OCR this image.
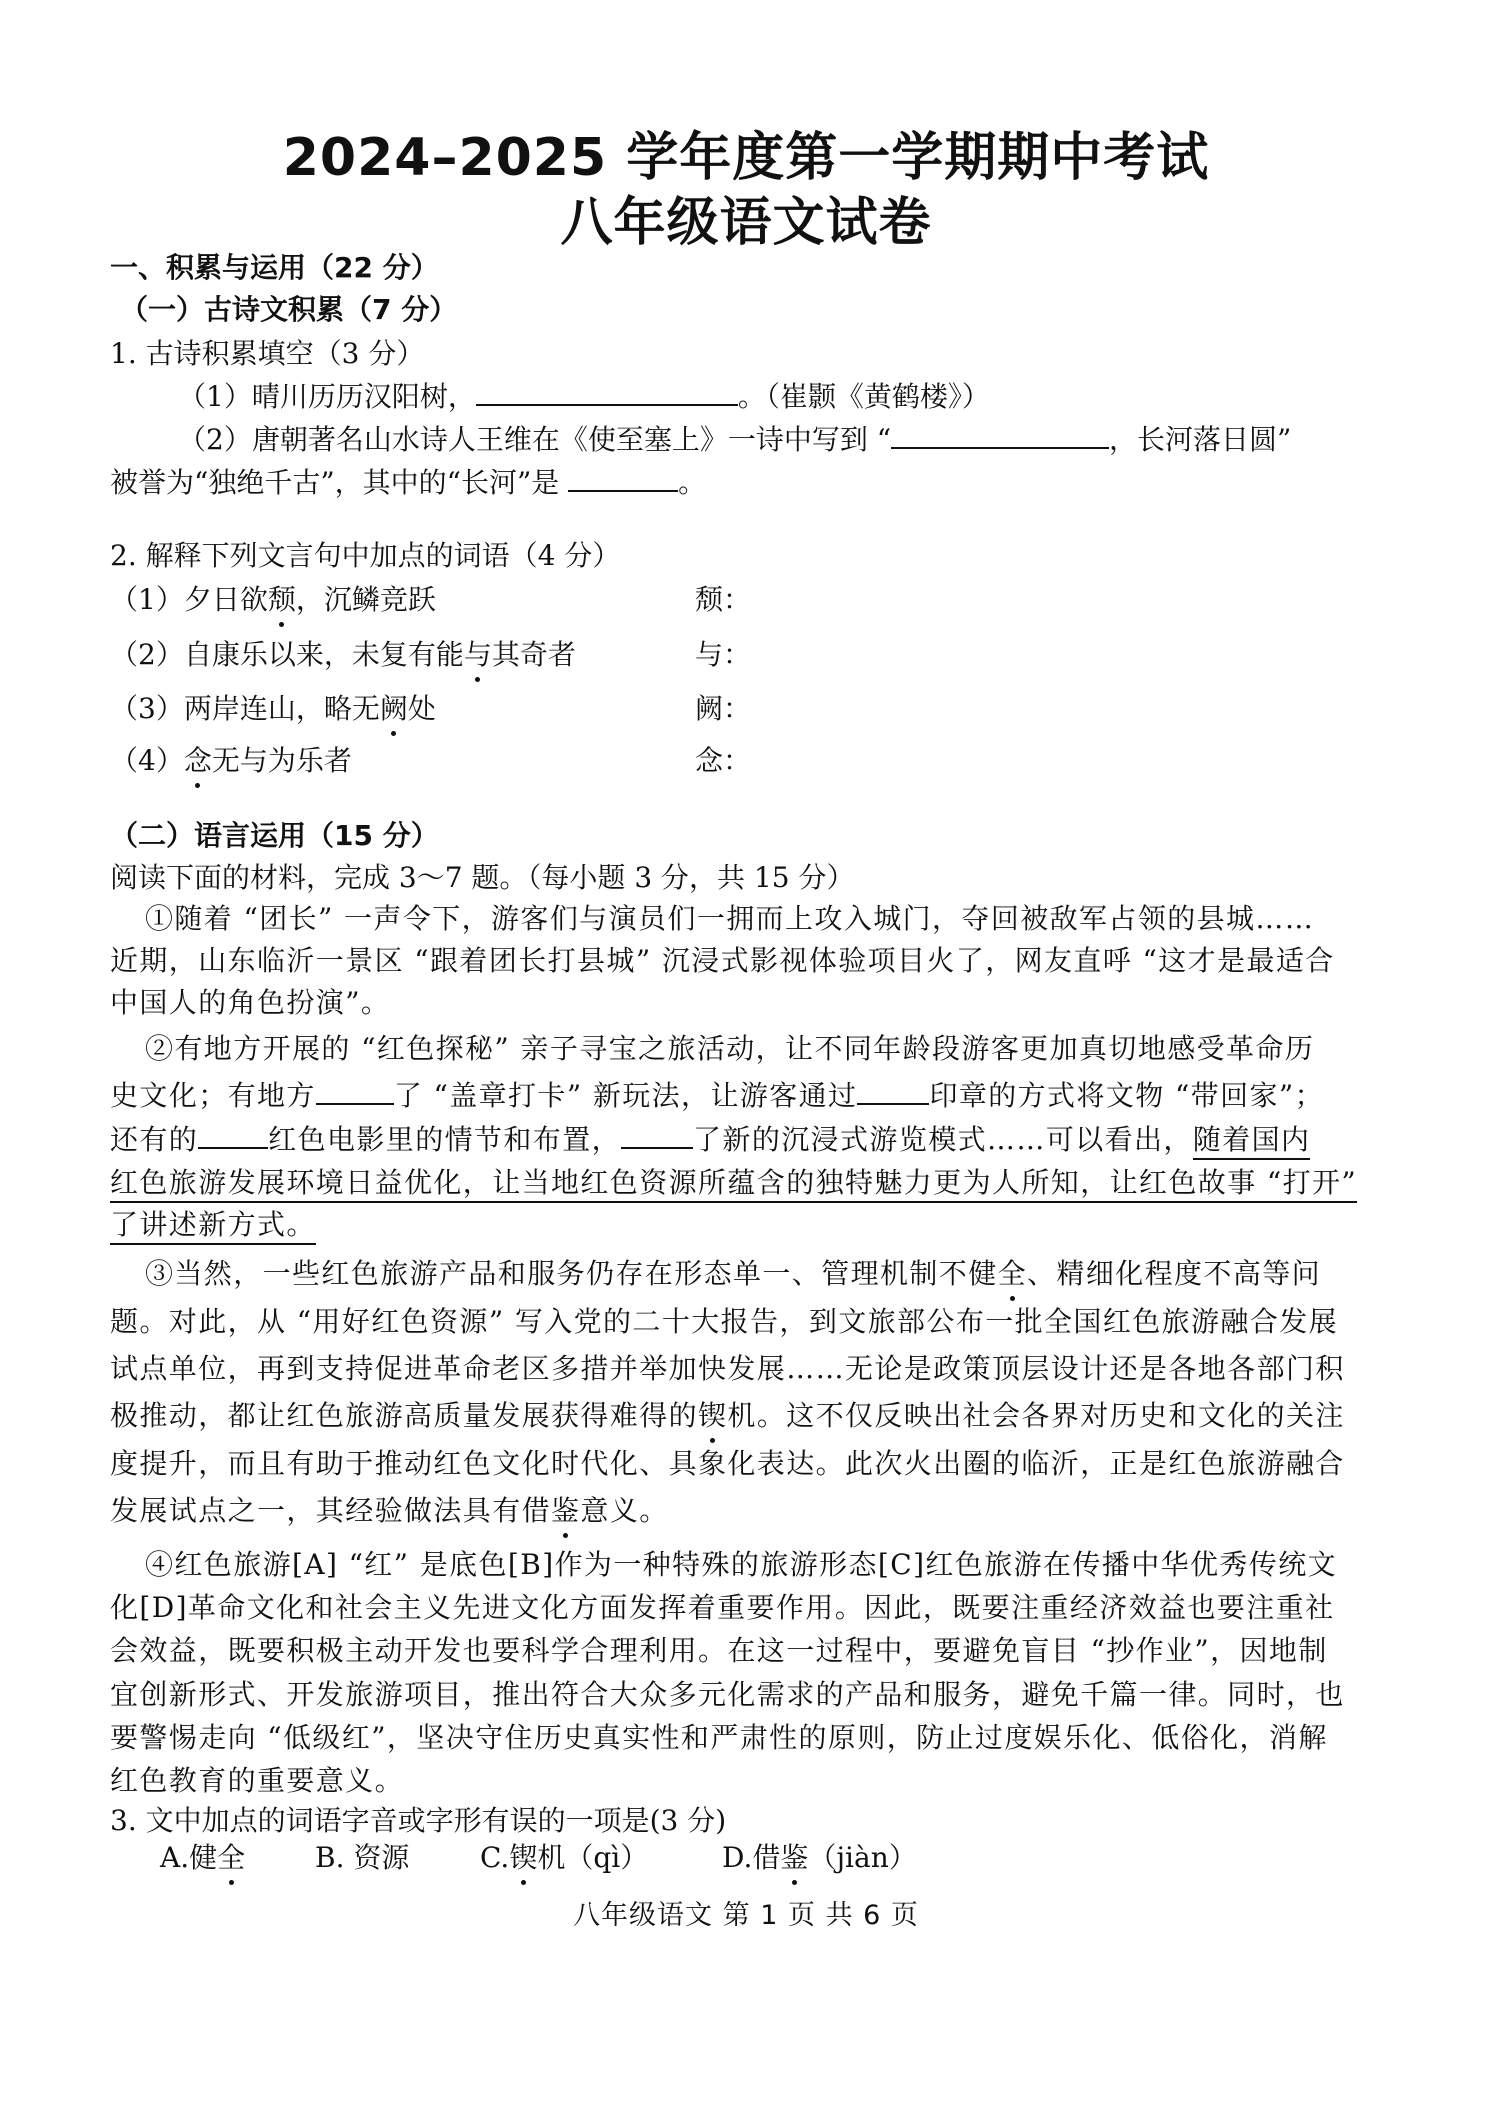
2024–2025 学年度第一学期期中考试
八年级语文试卷
一、积累与运用（22 分）
（一）古诗文积累（7 分）
1. 古诗积累填空（3 分）
（1）晴川历历汉阳树，	。（崔颢《黄鹤楼》）
（2）唐朝著名山水诗人王维在《使至塞上》一诗中写到 “	，长河落日圆”
被誉为“独绝千古”，其中的“长河”是	。
2. 解释下列文言句中加点的词语（4 分）
（1）夕日欲颓，沉鳞竞跃	颓：
（2）自康乐以来，未复有能与其奇者	与：
（3）两岸连山，略无阙处	阙：
（4）念无与为乐者	念：
（二）语言运用（15 分）
阅读下面的材料，完成 3～7 题。（每小题 3 分，共 15 分）
①随着 “团长” 一声令下，游客们与演员们一拥而上攻入城门，夺回被敌军占领的县城……
近期，山东临沂一景区 “跟着团长打县城” 沉浸式影视体验项目火了，网友直呼 “这才是最适合
中国人的角色扮演”。
②有地方开展的 “红色探秘” 亲子寻宝之旅活动，让不同年龄段游客更加真切地感受革命历
史文化；有地方	了 “盖章打卡” 新玩法，让游客通过	印章的方式将文物 “带回家”；
还有的	红色电影里的情节和布置，	了新的沉浸式游览模式……可以看出，随着国内
红色旅游发展环境日益优化，让当地红色资源所蕴含的独特魅力更为人所知，让红色故事 “打开”
了讲述新方式。
③当然，一些红色旅游产品和服务仍存在形态单一、管理机制不健全、精细化程度不高等问
题。对此，从 “用好红色资源” 写入党的二十大报告，到文旅部公布一批全国红色旅游融合发展
试点单位，再到支持促进革命老区多措并举加快发展……无论是政策顶层设计还是各地各部门积
极推动，都让红色旅游高质量发展获得难得的锲机。这不仅反映出社会各界对历史和文化的关注
度提升，而且有助于推动红色文化时代化、具象化表达。此次火出圈的临沂，正是红色旅游融合
发展试点之一，其经验做法具有借鉴意义。
④红色旅游[A] “红” 是底色[B]作为一种特殊的旅游形态[C]红色旅游在传播中华优秀传统文
化[D]革命文化和社会主义先进文化方面发挥着重要作用。因此，既要注重经济效益也要注重社
会效益，既要积极主动开发也要科学合理利用。在这一过程中，要避免盲目 “抄作业”，因地制
宜创新形式、开发旅游项目，推出符合大众多元化需求的产品和服务，避免千篇一律。同时，也
要警惕走向 “低级红”，坚决守住历史真实性和严肃性的原则，防止过度娱乐化、低俗化，消解
红色教育的重要意义。
3. 文中加点的词语字音或字形有误的一项是(3 分)
A.健全 B. 资源	C.锲机（qì）	D.借鉴（jiàn）
八年级语文 第 1 页 共 6 页
